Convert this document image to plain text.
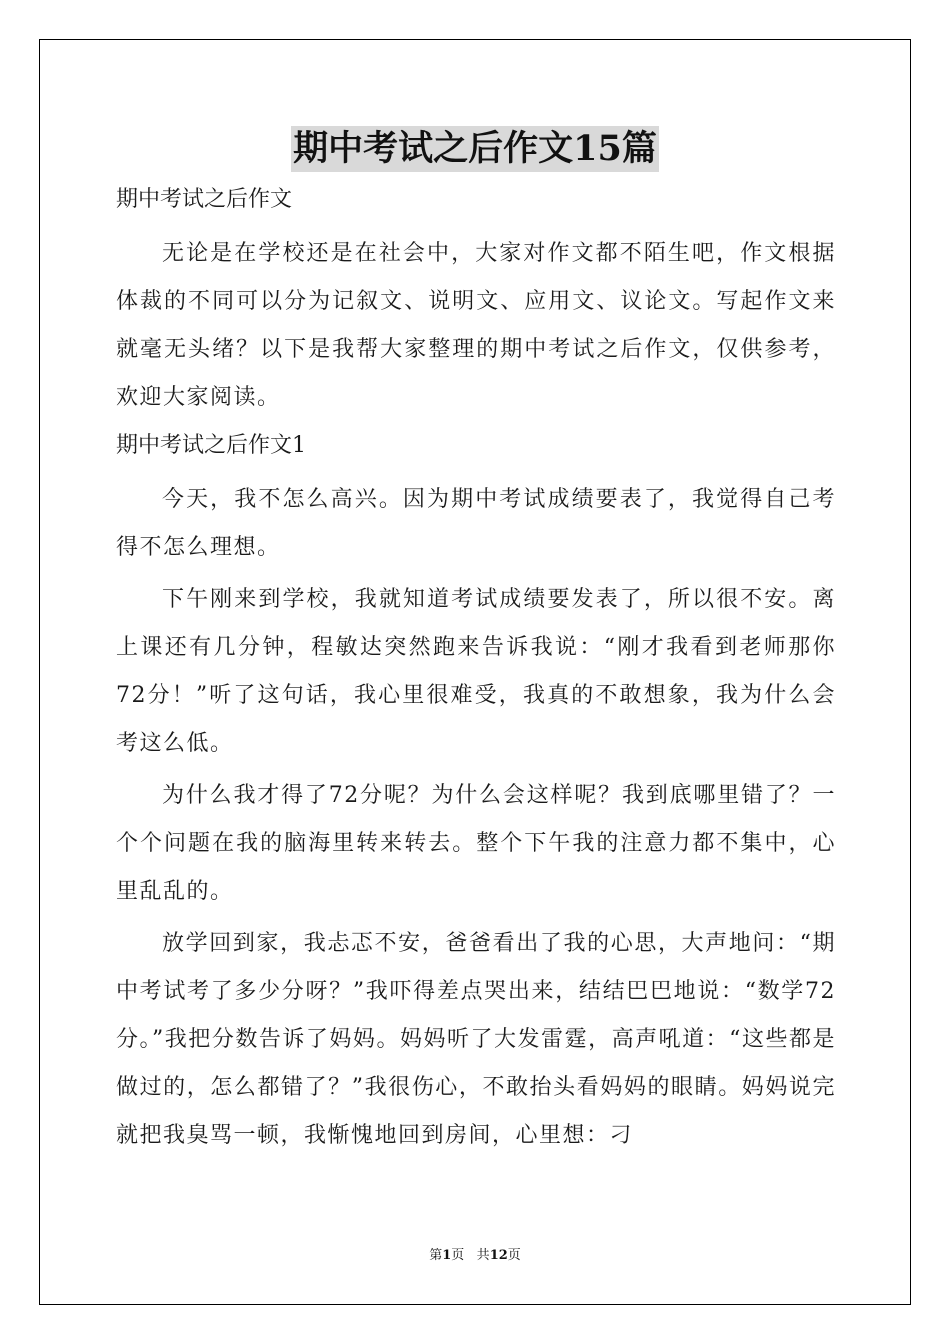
期中考试之后作文15篇
期中考试之后作文

无论是在学校还是在社会中，大家对作文都不陌生吧，作文根据体裁的不同可以分为记叙文、说明文、应用文、议论文。写起作文来就毫无头绪？以下是我帮大家整理的期中考试之后作文，仅供参考，欢迎大家阅读。

期中考试之后作文1

今天，我不怎么高兴。因为期中考试成绩要表了，我觉得自己考得不怎么理想。

下午刚来到学校，我就知道考试成绩要发表了，所以很不安。离上课还有几分钟，程敏达突然跑来告诉我说：“刚才我看到老师那你72分！”听了这句话，我心里很难受，我真的不敢想象，我为什么会考这么低。

为什么我才得了72分呢？为什么会这样呢？我到底哪里错了？一个个问题在我的脑海里转来转去。整个下午我的注意力都不集中，心里乱乱的。

放学回到家，我忐忑不安，爸爸看出了我的心思，大声地问：“期中考试考了多少分呀？”我吓得差点哭出来，结结巴巴地说：“数学72分。”我把分数告诉了妈妈。妈妈听了大发雷霆，高声吼道：“这些都是做过的，怎么都错了？”我很伤心，不敢抬头看妈妈的眼睛。妈妈说完就把我臭骂一顿，我惭愧地回到房间，心里想：刁

第1页 共12页
